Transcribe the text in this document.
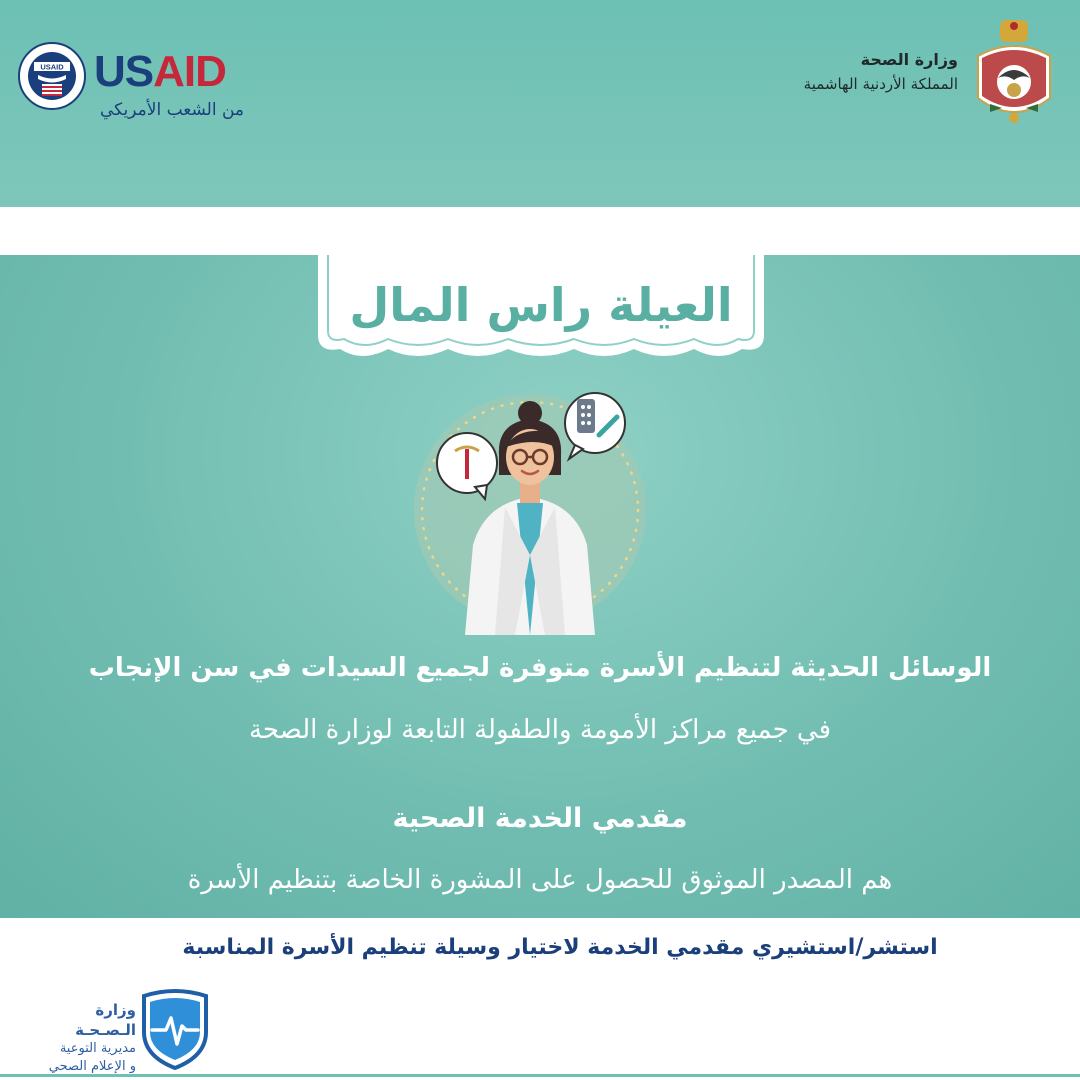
USAID USAID
من الشعب الأمريكي
وزارة الصحة
المملكة الأردنية الهاشمية
العيلة راس المال
الوسائل الحديثة لتنظيم الأسرة متوفرة لجميع السيدات في سن الإنجاب
في جميع مراكز الأمومة والطفولة التابعة لوزارة الصحة
مقدمي الخدمة الصحية
هم المصدر الموثوق للحصول على المشورة الخاصة بتنظيم الأسرة
استشر/استشيري مقدمي الخدمة لاختيار وسيلة تنظيم الأسرة المناسبة
وزارة الـصـحـة
مديرية التوعية
و الإعلام الصحي
